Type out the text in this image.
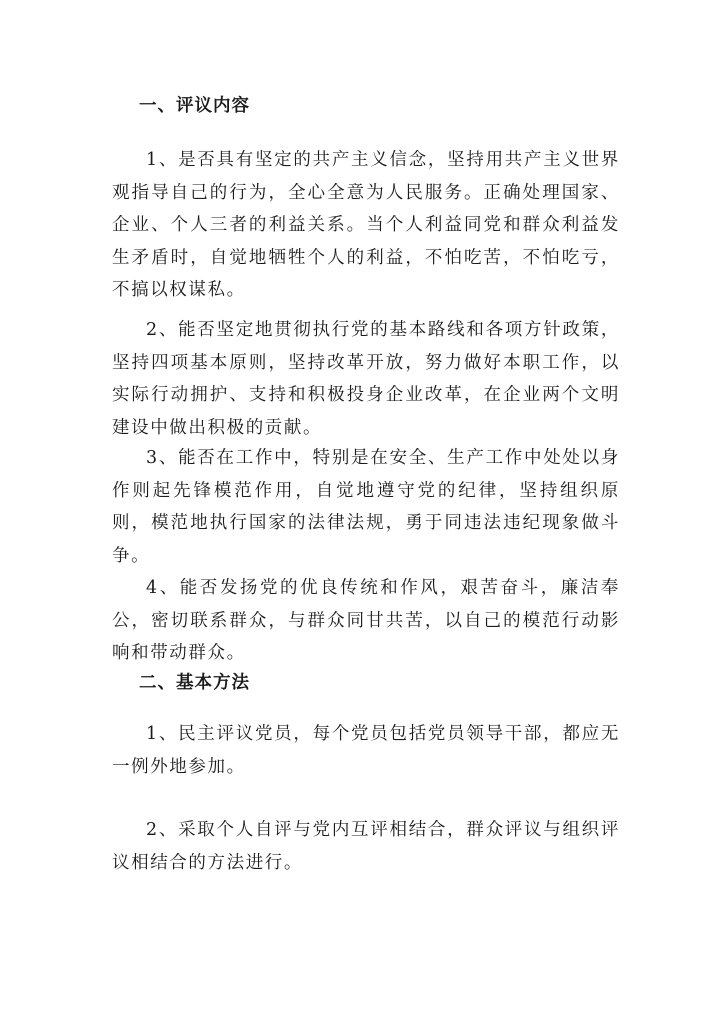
一、评议内容

1、是否具有坚定的共产主义信念，坚持用共产主义世界观指导自己的行为，全心全意为人民服务。正确处理国家、企业、个人三者的利益关系。当个人利益同党和群众利益发生矛盾时，自觉地牺牲个人的利益，不怕吃苦，不怕吃亏，不搞以权谋私。

2、能否坚定地贯彻执行党的基本路线和各项方针政策，坚持四项基本原则，坚持改革开放，努力做好本职工作，以实际行动拥护、支持和积极投身企业改革，在企业两个文明建设中做出积极的贡献。

3、能否在工作中，特别是在安全、生产工作中处处以身作则起先锋模范作用，自觉地遵守党的纪律，坚持组织原则，模范地执行国家的法律法规，勇于同违法违纪现象做斗争。

4、能否发扬党的优良传统和作风，艰苦奋斗，廉洁奉公，密切联系群众，与群众同甘共苦，以自己的模范行动影响和带动群众。

二、基本方法

1、民主评议党员，每个党员包括党员领导干部，都应无一例外地参加。

2、采取个人自评与党内互评相结合，群众评议与组织评议相结合的方法进行。
